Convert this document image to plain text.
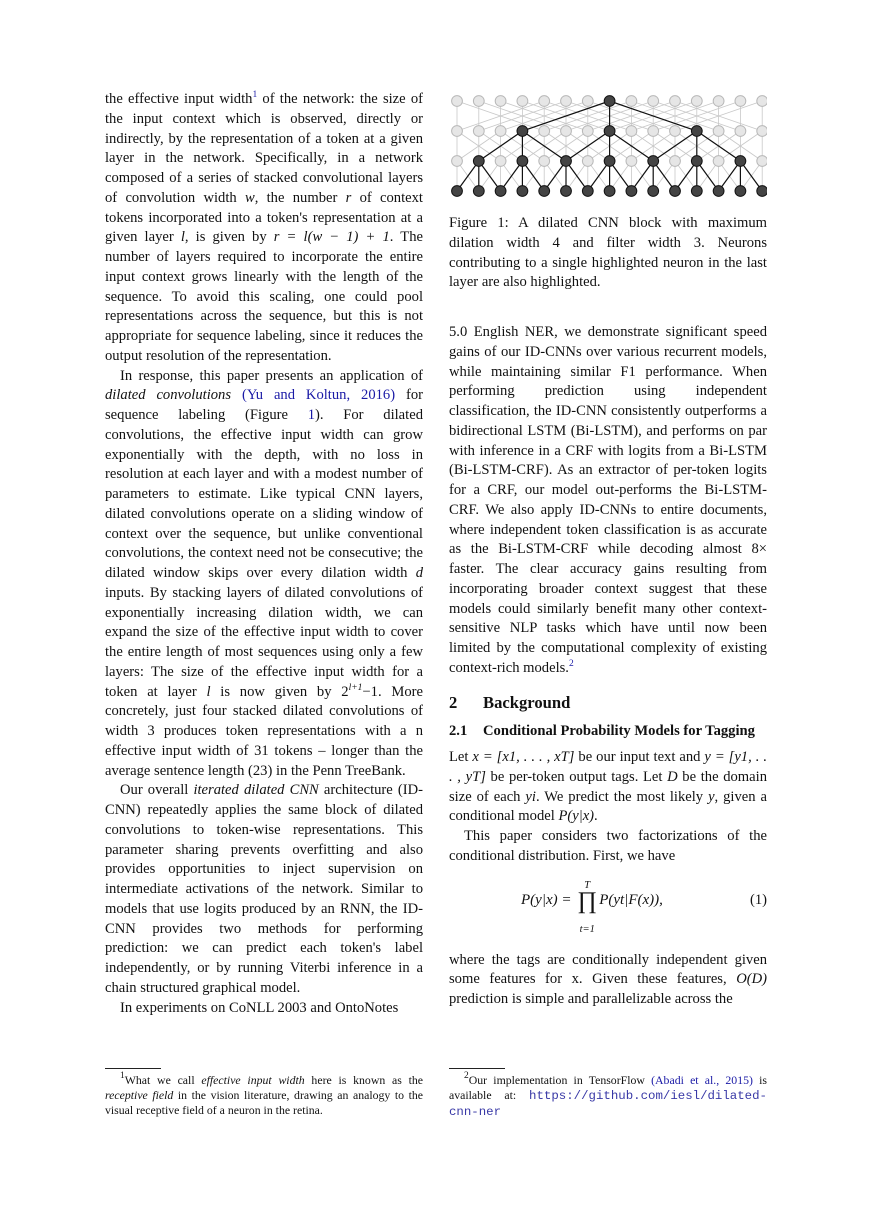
the effective input width$^1$ of the network: the size of the input context which is observed, directly or indirectly, by the representation of a token at a given layer in the network. Specifically, in a network composed of a series of stacked convolutional layers of convolution width w, the number r of context tokens incorporated into a token's representation at a given layer l, is given by r = l(w − 1) + 1. The number of layers required to incorporate the entire input context grows linearly with the length of the sequence. To avoid this scaling, one could pool representations across the sequence, but this is not appropriate for sequence labeling, since it reduces the output resolution of the representation.

In response, this paper presents an application of dilated convolutions (Yu and Koltun, 2016) for sequence labeling (Figure 1). For dilated convolutions, the effective input width can grow exponentially with the depth, with no loss in resolution at each layer and with a modest number of parameters to estimate. Like typical CNN layers, dilated convolutions operate on a sliding window of context over the sequence, but unlike conventional convolutions, the context need not be consecutive; the dilated window skips over every dilation width d inputs. By stacking layers of dilated convolutions of exponentially increasing dilation width, we can expand the size of the effective input width to cover the entire length of most sequences using only a few layers: The size of the effective input width for a token at layer l is now given by $2^{l+1}-1$. More concretely, just four stacked dilated convolutions of width 3 produces token representations with a n effective input width of 31 tokens – longer than the average sentence length (23) in the Penn TreeBank.

Our overall iterated dilated CNN architecture (ID-CNN) repeatedly applies the same block of dilated convolutions to token-wise representations. This parameter sharing prevents overfitting and also provides opportunities to inject supervision on intermediate activations of the network. Similar to models that use logits produced by an RNN, the ID-CNN provides two methods for performing prediction: we can predict each token's label independently, or by running Viterbi inference in a chain structured graphical model.

In experiments on CoNLL 2003 and OntoNotes

Figure 1: A dilated CNN block with maximum dilation width 4 and filter width 3. Neurons contributing to a single highlighted neuron in the last layer are also highlighted.

5.0 English NER, we demonstrate significant speed gains of our ID-CNNs over various recurrent models, while maintaining similar F1 performance. When performing prediction using independent classification, the ID-CNN consistently outperforms a bidirectional LSTM (Bi-LSTM), and performs on par with inference in a CRF with logits from a Bi-LSTM (Bi-LSTM-CRF). As an extractor of per-token logits for a CRF, our model out-performs the Bi-LSTM-CRF. We also apply ID-CNNs to entire documents, where independent token classification is as accurate as the Bi-LSTM-CRF while decoding almost 8× faster. The clear accuracy gains resulting from incorporating broader context suggest that these models could similarly benefit many other context-sensitive NLP tasks which have until now been limited by the computational complexity of existing context-rich models.$^2$

2 Background
2.1	Conditional Probability Models for Tagging

Let x = [x1, . . . , xT] be our input text and y = [y1, . . . , yT] be per-token output tags. Let D be the domain size of each yi. We predict the most likely y, given a conditional model P(y|x).

This paper considers two factorizations of the conditional distribution. First, we have

P(y|x) =
T
∏
t=1
P(yt|F(x)),	(1)

where the tags are conditionally independent given some features for x. Given these features, O(D) prediction is simple and parallelizable across the

$^1$What we call effective input width here is known as the receptive field in the vision literature, drawing an analogy to the visual receptive field of a neuron in the retina.

$^2$Our implementation in TensorFlow (Abadi et al., 2015) is available at: https://github.com/iesl/dilated-cnn-ner
